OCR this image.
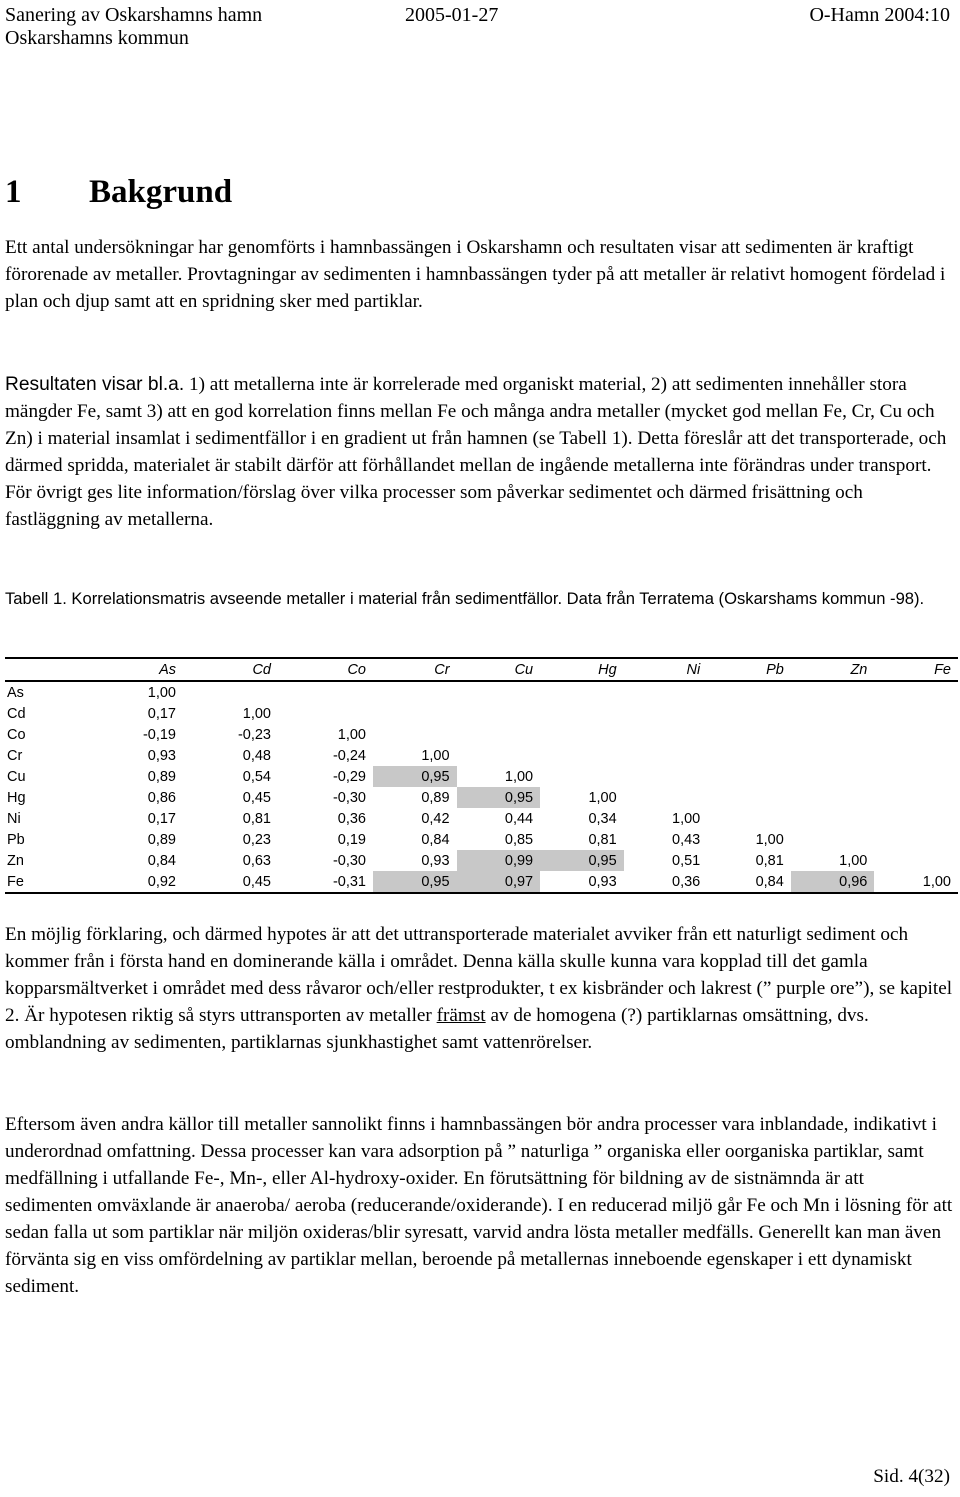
Sanering av Oskarshamns hamn	2005-01-27	O-Hamn 2004:10
Oskarshamns kommun
1 Bakgrund

Ett antal undersökningar har genomförts i hamnbassängen i Oskarshamn och resultaten visar att sedimenten är kraftigt förorenade av metaller. Provtagningar av sedimenten i hamnbassängen tyder på att metaller är relativt homogent fördelad i plan och djup samt att en spridning sker med partiklar.

Resultaten visar bl.a. 1) att metallerna inte är korrelerade med organiskt material, 2) att sedimenten innehåller stora mängder Fe, samt 3) att en god korrelation finns mellan Fe och många andra metaller (mycket god mellan Fe, Cr, Cu och Zn) i material insamlat i sedimentfällor i en gradient ut från hamnen (se Tabell 1). Detta föreslår att det transporterade, och därmed spridda, materialet är stabilt därför att förhållandet mellan de ingående metallerna inte förändras under transport. För övrigt ges lite information/förslag över vilka processer som påverkar sedimentet och därmed frisättning och fastläggning av metallerna.

Tabell 1. Korrelationsmatris avseende metaller i material från sedimentfällor. Data från Terratema (Oskarshams kommun -98).

	As	Cd	Co	Cr	Cu	Hg	Ni	Pb	Zn	Fe
As	1,00									
Cd	0,17	1,00								
Co	-0,19	-0,23	1,00							
Cr	0,93	0,48	-0,24	1,00						
Cu	0,89	0,54	-0,29	0,95	1,00					
Hg	0,86	0,45	-0,30	0,89	0,95	1,00				
Ni	0,17	0,81	0,36	0,42	0,44	0,34	1,00			
Pb	0,89	0,23	0,19	0,84	0,85	0,81	0,43	1,00		
Zn	0,84	0,63	-0,30	0,93	0,99	0,95	0,51	0,81	1,00	
Fe	0,92	0,45	-0,31	0,95	0,97	0,93	0,36	0,84	0,96	1,00

En möjlig förklaring, och därmed hypotes är att det uttransporterade materialet avviker från ett naturligt sediment och kommer från i första hand en dominerande källa i området. Denna källa skulle kunna vara kopplad till det gamla kopparsmältverket i området med dess råvaror och/eller restprodukter, t ex kisbränder och lakrest (” purple ore”), se kapitel 2. Är hypotesen riktig så styrs uttransporten av metaller främst av de homogena (?) partiklarnas omsättning, dvs. omblandning av sedimenten, partiklarnas sjunkhastighet samt vattenrörelser.

Eftersom även andra källor till metaller sannolikt finns i hamnbassängen bör andra processer vara inblandade, indikativt i underordnad omfattning. Dessa processer kan vara adsorption på ” naturliga ” organiska eller oorganiska partiklar, samt medfällning i utfallande Fe-, Mn-, eller Al-hydroxy-oxider. En förutsättning för bildning av de sistnämnda är att sedimenten omväxlande är anaeroba/ aeroba (reducerande/oxiderande). I en reducerad miljö går Fe och Mn i lösning för att sedan falla ut som partiklar när miljön oxideras/blir syresatt, varvid andra lösta metaller medfälls. Generellt kan man även förvänta sig en viss omfördelning av partiklar mellan, beroende på metallernas inneboende egenskaper i ett dynamiskt sediment.

Sid. 4(32)
